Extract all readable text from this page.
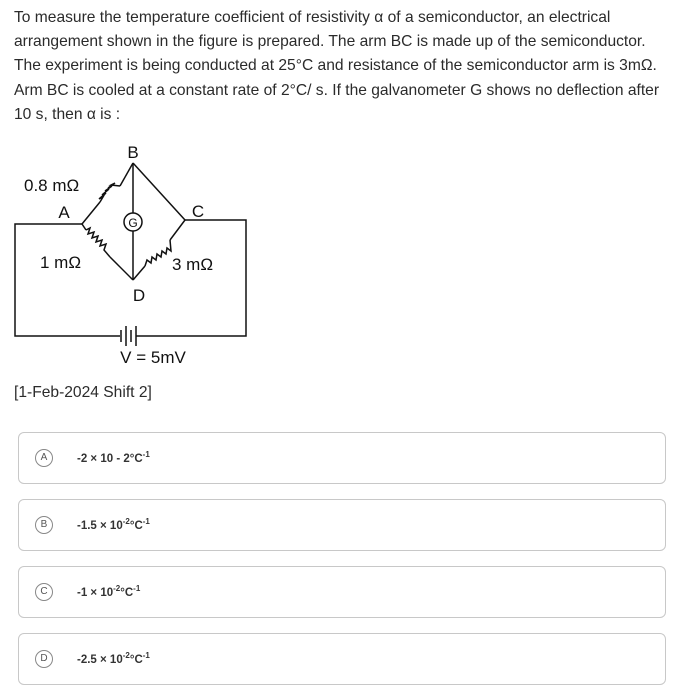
To measure the temperature coefficient of resistivity α of a semiconductor, an electrical arrangement shown in the figure is prepared. The arm BC is made up of the semiconductor. The experiment is being conducted at 25°C and resistance of the semiconductor arm is 3mΩ. Arm BC is cooled at a constant rate of 2°C/ s. If the galvanometer G shows no deflection after 10 s, then α is :
G
B
0.8 mΩ
A	C
1 mΩ	3 mΩ
D
V = 5mV
[1-Feb-2024 Shift 2]
A	$-2 \times 10 - 2^\circ C^{-1}$
B	$-1.5 \times 10^{-2}^\circ C^{-1}$
C	$-1 \times 10^{-2}^\circ C^{-1}$
D	$-2.5 \times 10^{-2}^\circ C^{-1}$
